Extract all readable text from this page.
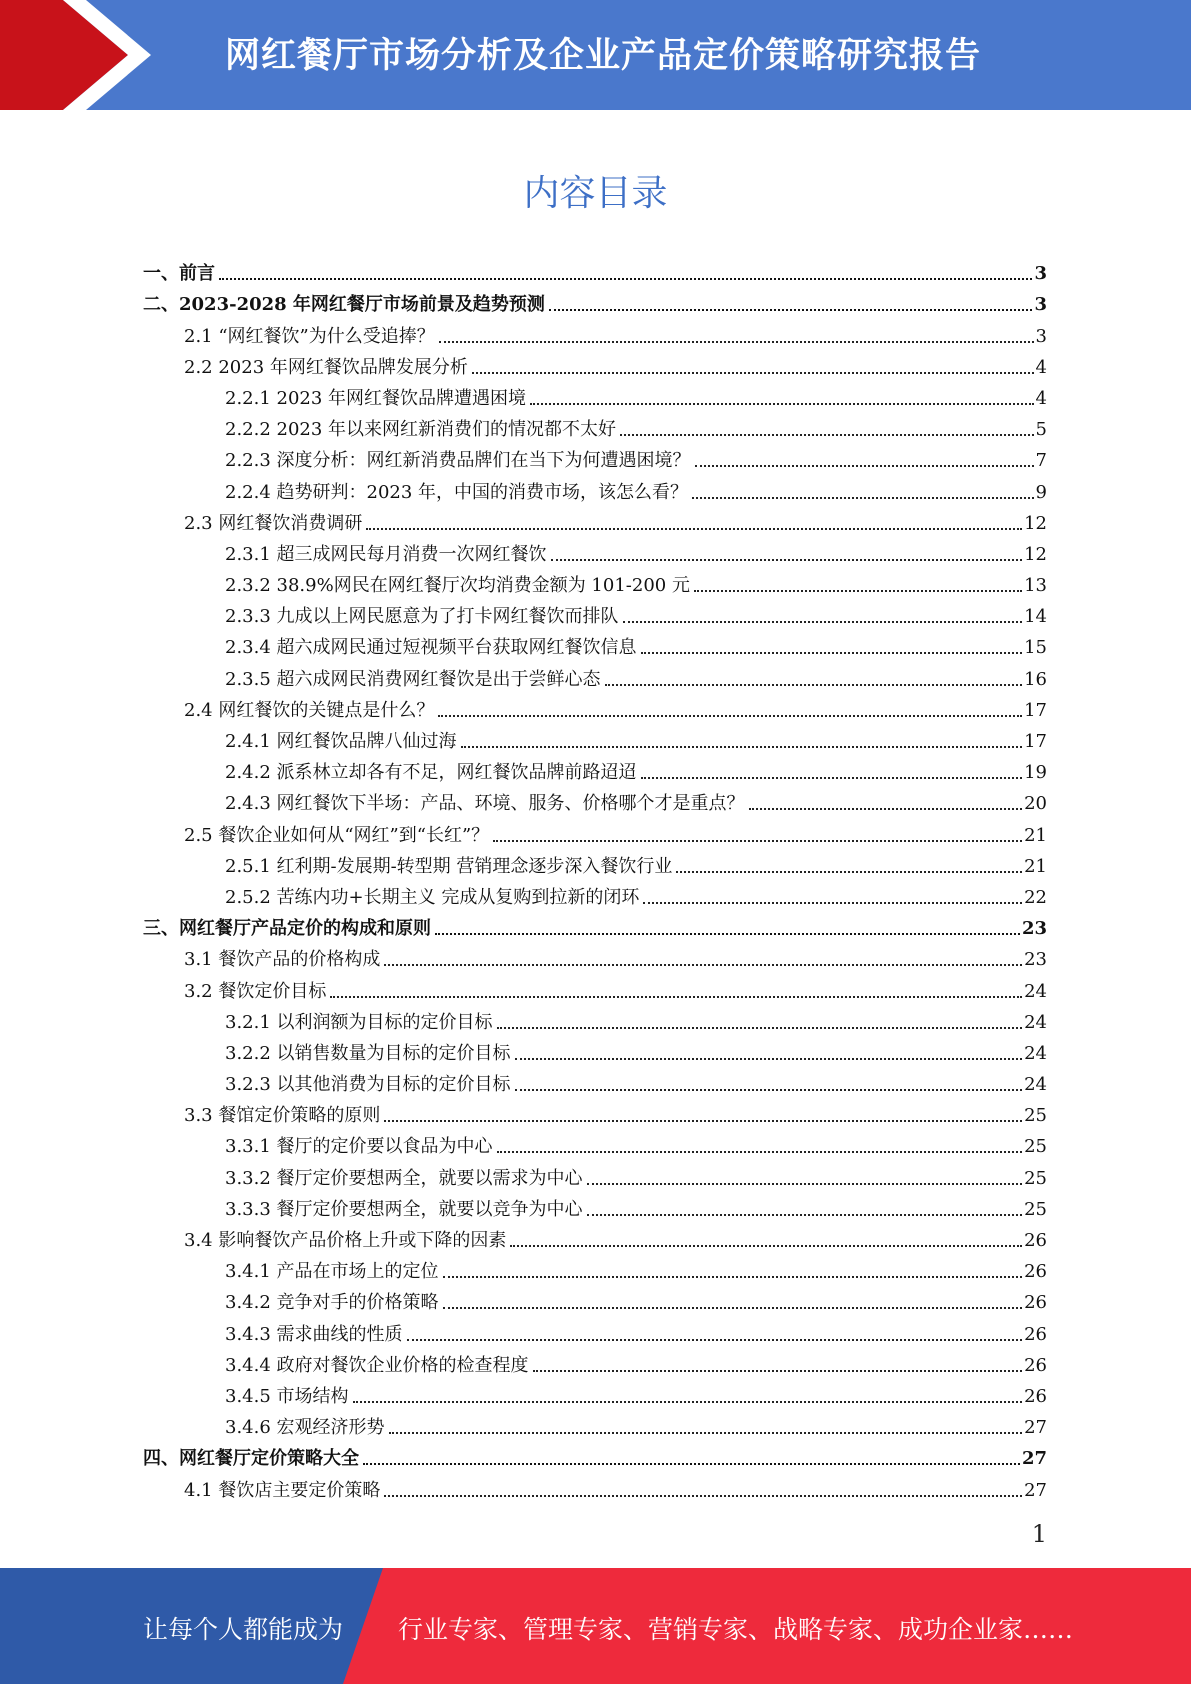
网红餐厅市场分析及企业产品定价策略研究报告
内容目录
一、前言	3
二、2023-2028 年网红餐厅市场前景及趋势预测	3
2.1 “网红餐饮”为什么受追捧？	3
2.2 2023 年网红餐饮品牌发展分析	4
2.2.1 2023 年网红餐饮品牌遭遇困境	4
2.2.2 2023 年以来网红新消费们的情况都不太好	5
2.2.3 深度分析：网红新消费品牌们在当下为何遭遇困境？	7
2.2.4 趋势研判：2023 年，中国的消费市场，该怎么看？	9
2.3 网红餐饮消费调研	12
2.3.1 超三成网民每月消费一次网红餐饮	12
2.3.2 38.9%网民在网红餐厅次均消费金额为 101-200 元	13
2.3.3 九成以上网民愿意为了打卡网红餐饮而排队	14
2.3.4 超六成网民通过短视频平台获取网红餐饮信息	15
2.3.5 超六成网民消费网红餐饮是出于尝鲜心态	16
2.4 网红餐饮的关键点是什么？	17
2.4.1 网红餐饮品牌八仙过海	17
2.4.2 派系林立却各有不足，网红餐饮品牌前路迢迢	19
2.4.3 网红餐饮下半场：产品、环境、服务、价格哪个才是重点？	20
2.5 餐饮企业如何从“网红”到“长红”？	21
2.5.1 红利期-发展期-转型期 营销理念逐步深入餐饮行业	21
2.5.2 苦练内功+长期主义 完成从复购到拉新的闭环	22
三、网红餐厅产品定价的构成和原则	23
3.1 餐饮产品的价格构成	23
3.2 餐饮定价目标	24
3.2.1 以利润额为目标的定价目标	24
3.2.2 以销售数量为目标的定价目标	24
3.2.3 以其他消费为目标的定价目标	24
3.3 餐馆定价策略的原则	25
3.3.1 餐厅的定价要以食品为中心	25
3.3.2 餐厅定价要想两全，就要以需求为中心	25
3.3.3 餐厅定价要想两全，就要以竞争为中心	25
3.4 影响餐饮产品价格上升或下降的因素	26
3.4.1 产品在市场上的定位	26
3.4.2 竞争对手的价格策略	26
3.4.3 需求曲线的性质	26
3.4.4 政府对餐饮企业价格的检查程度	26
3.4.5 市场结构	26
3.4.6 宏观经济形势	27
四、网红餐厅定价策略大全	27
4.1 餐饮店主要定价策略	27
1
让每个人都能成为 行业专家、管理专家、营销专家、战略专家、成功企业家……
